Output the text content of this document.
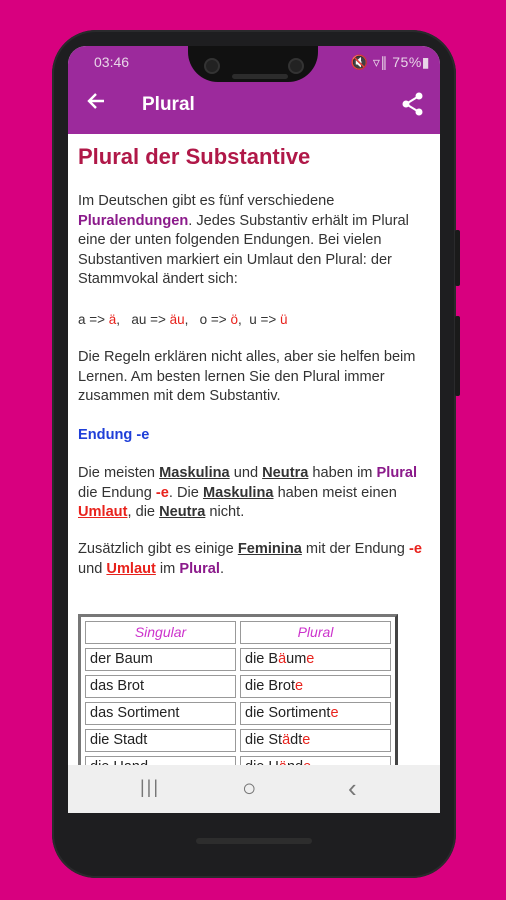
03:46	🔇 ▿∥ 75%▮
Plural
Plural der Substantive

Im Deutschen gibt es fünf verschiedene Pluralendungen. Jedes Substantiv erhält im Plural eine der unten folgenden Endungen. Bei vielen Substantiven markiert ein Umlaut den Plural: der Stammvokal ändert sich:

a => ä,   au => äu,   o => ö,  u => ü

Die Regeln erklären nicht alles, aber sie helfen beim Lernen. Am besten lernen Sie den Plural immer zusammen mit dem Substantiv.

Endung -e

Die meisten Maskulina und Neutra haben im Plural die Endung -e. Die Maskulina haben meist einen Umlaut, die Neutra nicht.

Zusätzlich gibt es einige Feminina mit der Endung -e und Umlaut im Plural.

Singular	Plural
der Baum	die Bäume
das Brot	die Brote
das Sortiment	die Sortimente
die Stadt	die Städte
|||	○	‹
